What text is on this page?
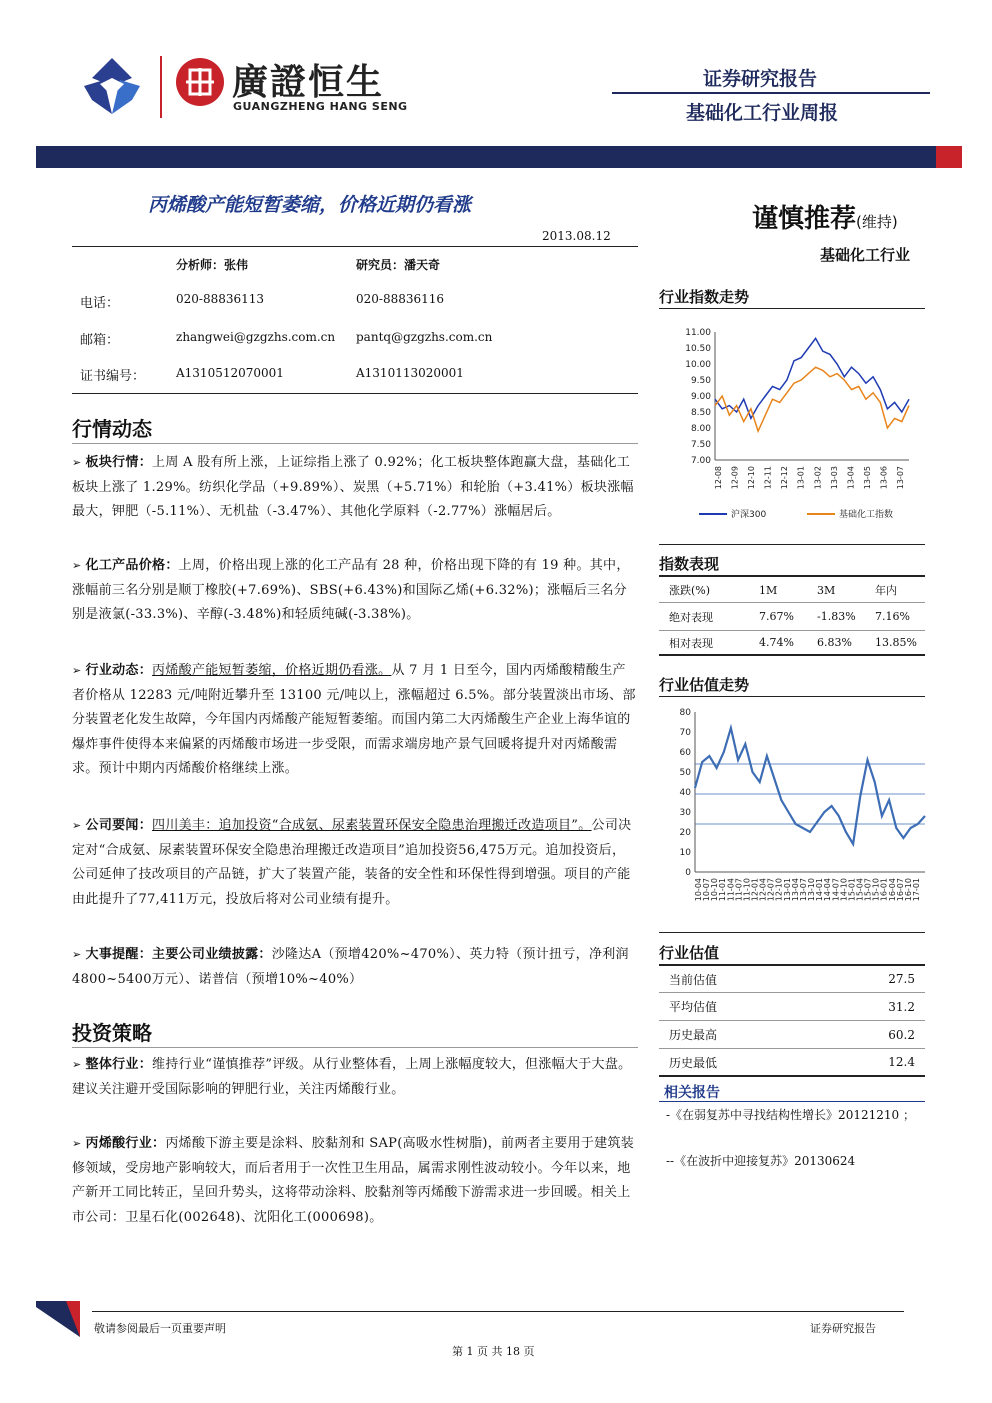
廣證恒生
GUANGZHENG HANG SENG
证券研究报告
基础化工行业周报
丙烯酸产能短暂萎缩，价格近期仍看涨
2013.08.12
谨慎推荐(维持)
基础化工行业
分析师：张伟	研究员：潘天奇
电话：	020-88836113	020-88836116
邮箱：	zhangwei@gzgzhs.com.cn pantq@gzgzhs.com.cn
证书编号：	A1310512070001	A1310113020001
行情动态
➢ 板块行情：上周 A 股有所上涨，上证综指上涨了 0.92%；化工板块整体跑赢大盘，基础化工板块上涨了 1.29%。纺织化学品（+9.89%）、炭黑（+5.71%）和轮胎（+3.41%）板块涨幅最大，钾肥（-5.11%）、无机盐（-3.47%）、其他化学原料（-2.77%）涨幅居后。
➢ 化工产品价格：上周，价格出现上涨的化工产品有 28 种，价格出现下降的有 19 种。其中，涨幅前三名分别是顺丁橡胶(+7.69%)、SBS(+6.43%)和国际乙烯(+6.32%)；涨幅后三名分别是液氯(-33.3%)、辛醇(-3.48%)和轻质纯碱(-3.38%)。
➢ 行业动态：丙烯酸产能短暂萎缩，价格近期仍看涨。从 7 月 1 日至今，国内丙烯酸精酸生产者价格从 12283 元/吨附近攀升至 13100 元/吨以上，涨幅超过 6.5%。部分装置淡出市场、部分装置老化发生故障，今年国内丙烯酸产能短暂萎缩。而国内第二大丙烯酸生产企业上海华谊的爆炸事件使得本来偏紧的丙烯酸市场进一步受限，而需求端房地产景气回暖将提升对丙烯酸需求。预计中期内丙烯酸价格继续上涨。
➢ 公司要闻：四川美丰：追加投资“合成氨、尿素装置环保安全隐患治理搬迁改造项目”。公司决定对“合成氨、尿素装置环保安全隐患治理搬迁改造项目”追加投资56,475万元。追加投资后，公司延伸了技改项目的产品链，扩大了装置产能，装备的安全性和环保性得到增强。项目的产能由此提升了77,411万元，投放后将对公司业绩有提升。
➢ 大事提醒：主要公司业绩披露：沙隆达A（预增420%~470%）、英力特（预计扭亏，净利润4800~5400万元）、诺普信（预增10%~40%）
投资策略
➢ 整体行业：维持行业“谨慎推荐”评级。从行业整体看，上周上涨幅度较大，但涨幅大于大盘。建议关注避开受国际影响的钾肥行业，关注丙烯酸行业。
➢ 丙烯酸行业：丙烯酸下游主要是涂料、胶黏剂和 SAP(高吸水性树脂)，前两者主要用于建筑装修领域，受房地产影响较大，而后者用于一次性卫生用品，属需求刚性波动较小。今年以来，地产新开工同比转正，呈回升势头，这将带动涂料、胶黏剂等丙烯酸下游需求进一步回暖。相关上市公司：卫星石化(002648)、沈阳化工(000698)。
行业指数走势
11.00
10.50
10.00
9.50
9.00
8.50
8.00
7.50
7.00
12-08 12-09 12-10 12-11 12-12 13-01 13-02 13-03 13-04 13-05 13-06 13-07
沪深300	基础化工指数
指数表现
涨跌(%)	1M	3M	年内
绝对表现	7.67%	-1.83%	7.16%
相对表现	4.74%	6.83%	13.85%
行业估值走势
80
70
60
50
40
30
20
10
0
10-04 10-07 10-10 11-01 11-04 11-07 11-10 12-01 12-04 12-07 12-10 13-01 13-04 13-07 13-10 14-01 14-04 14-07 14-10 15-01 15-04 15-07 15-10 16-01 16-04 16-07 16-10 17-01
行业估值
当前估值	27.5
平均估值	31.2
历史最高	60.2
历史最低	12.4
相关报告
-《在弱复苏中寻找结构性增长》20121210 ；
--《在波折中迎接复苏》20130624
敬请参阅最后一页重要声明	证券研究报告
第 1 页 共 18 页
